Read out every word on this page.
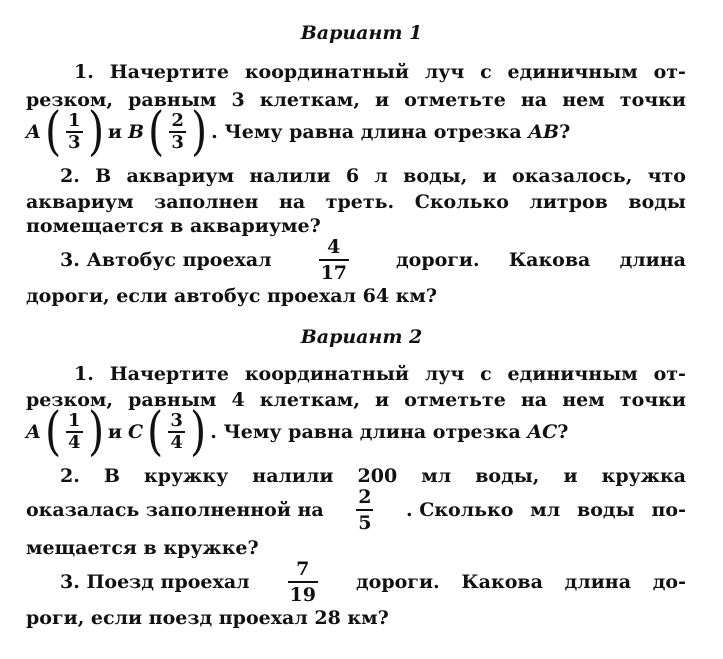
Вариант 1
1. Начертите координатный луч с единичным от-
резком, равным 3 клеткам, и отметьте на нем точки
A ( $\frac{1}{3}$ ) и B ( $\frac{2}{3}$ ) . Чему равна длина отрезка AB ?
2. В аквариум налили 6 л воды, и оказалось, что
аквариум заполнен на треть. Сколько литров воды
помещается в аквариуме?
3. Автобус проехал $\frac{4}{17}$ дороги. Какова длина
дороги, если автобус проехал 64 км?
Вариант 2
1. Начертите координатный луч с единичным от-
резком, равным 4 клеткам, и отметьте на нем точки
A ( $\frac{1}{4}$ ) и C ( $\frac{3}{4}$ ) . Чему равна длина отрезка AC ?
2. В кружку налили 200 мл воды, и кружка
оказалась заполненной на $\frac{2}{5}$ . Сколько мл воды по-
мещается в кружке?
3. Поезд проехал $\frac{7}{19}$ дороги. Какова длина до-
роги, если поезд проехал 28 км?
